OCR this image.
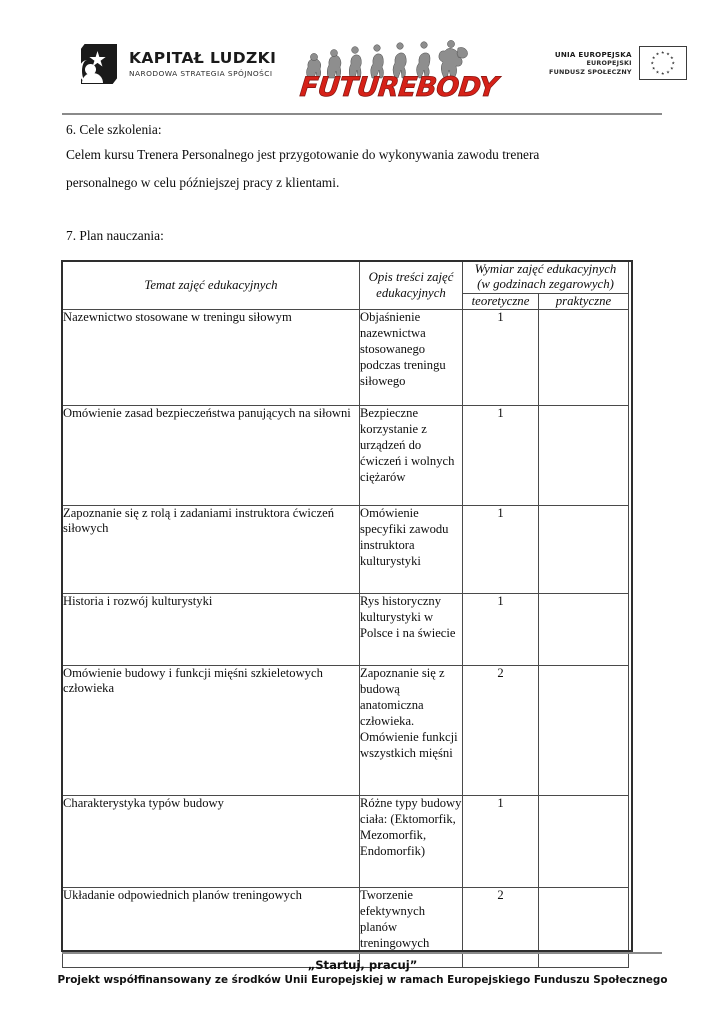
KAPITAŁ LUDZKI
NARODOWA STRATEGIA SPÓJNOŚCI FUTUREBODY
UNIA EUROPEJSKA
EUROPEJSKI
FUNDUSZ SPOŁECZNY
6. Cele szkolenia:
Celem kursu Trenera Personalnego jest przygotowanie do wykonywania zawodu trenera
personalnego w celu późniejszej pracy z klientami.
7. Plan nauczania:
Temat zajęć edukacyjnych	Opis treści zajęć edukacyjnych	Wymiar zajęć edukacyjnych
(w godzinach zegarowych)	
		teoretyczne	praktyczne
Nazewnictwo stosowane w treningu siłowym	Objaśnienie nazewnictwa stosowanego podczas treningu siłowego	1	
Omówienie zasad bezpieczeństwa panujących na siłowni	Bezpieczne korzystanie z urządzeń do ćwiczeń i wolnych ciężarów	1	
Zapoznanie się z rolą i zadaniami instruktora ćwiczeń siłowych	Omówienie specyfiki zawodu instruktora kulturystyki	1	
Historia i rozwój kulturystyki	Rys historyczny kulturystyki w Polsce i na świecie	1	
Omówienie budowy i funkcji mięśni szkieletowych człowieka	Zapoznanie się z budową anatomiczna człowieka. Omówienie funkcji wszystkich mięśni	2	
Charakterystyka typów budowy	Różne typy budowy ciała: (Ektomorfik, Mezomorfik, Endomorfik)	1	
Układanie odpowiednich planów treningowych	Tworzenie efektywnych planów treningowych	2	
„Startuj, pracuj”
Projekt współfinansowany ze środków Unii Europejskiej w ramach Europejskiego Funduszu Społecznego
